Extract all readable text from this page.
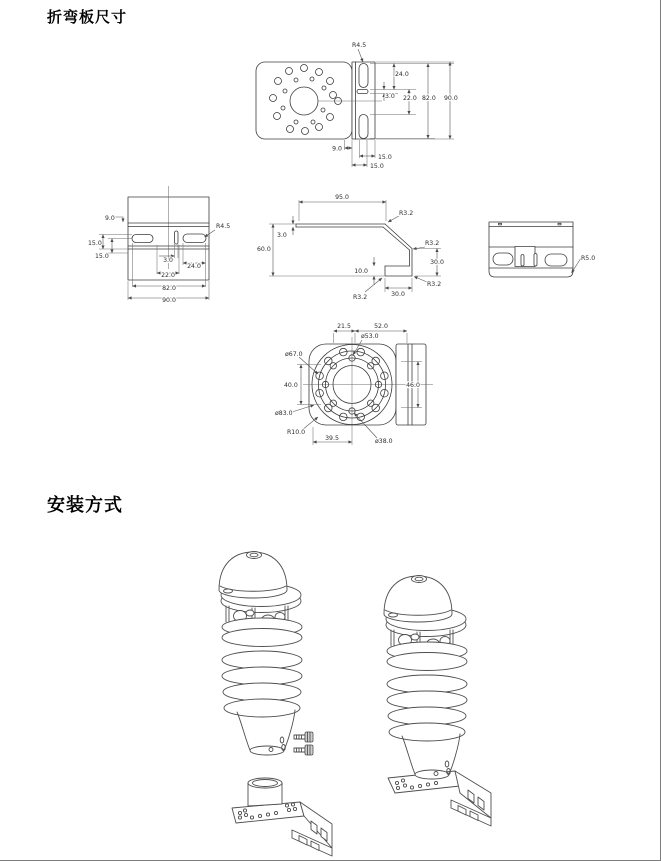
折弯板尺寸
安装方式
R4.5
24.0
3.0 22.0 82.0 90.0
9.0
15.0
15.0
9.0
15.0
15.0
R4.5
3.0
24.0
22.0
82.0
90.0
95.0
R3.2
3.0
60.0
R3.2
30.0
10.0
30.0
R3.2
R3.2
R5.0
21.5	52.0
ø53.0
ø67.0
40.0	46.0
ø83.0
R10.0
39.5	ø38.0
